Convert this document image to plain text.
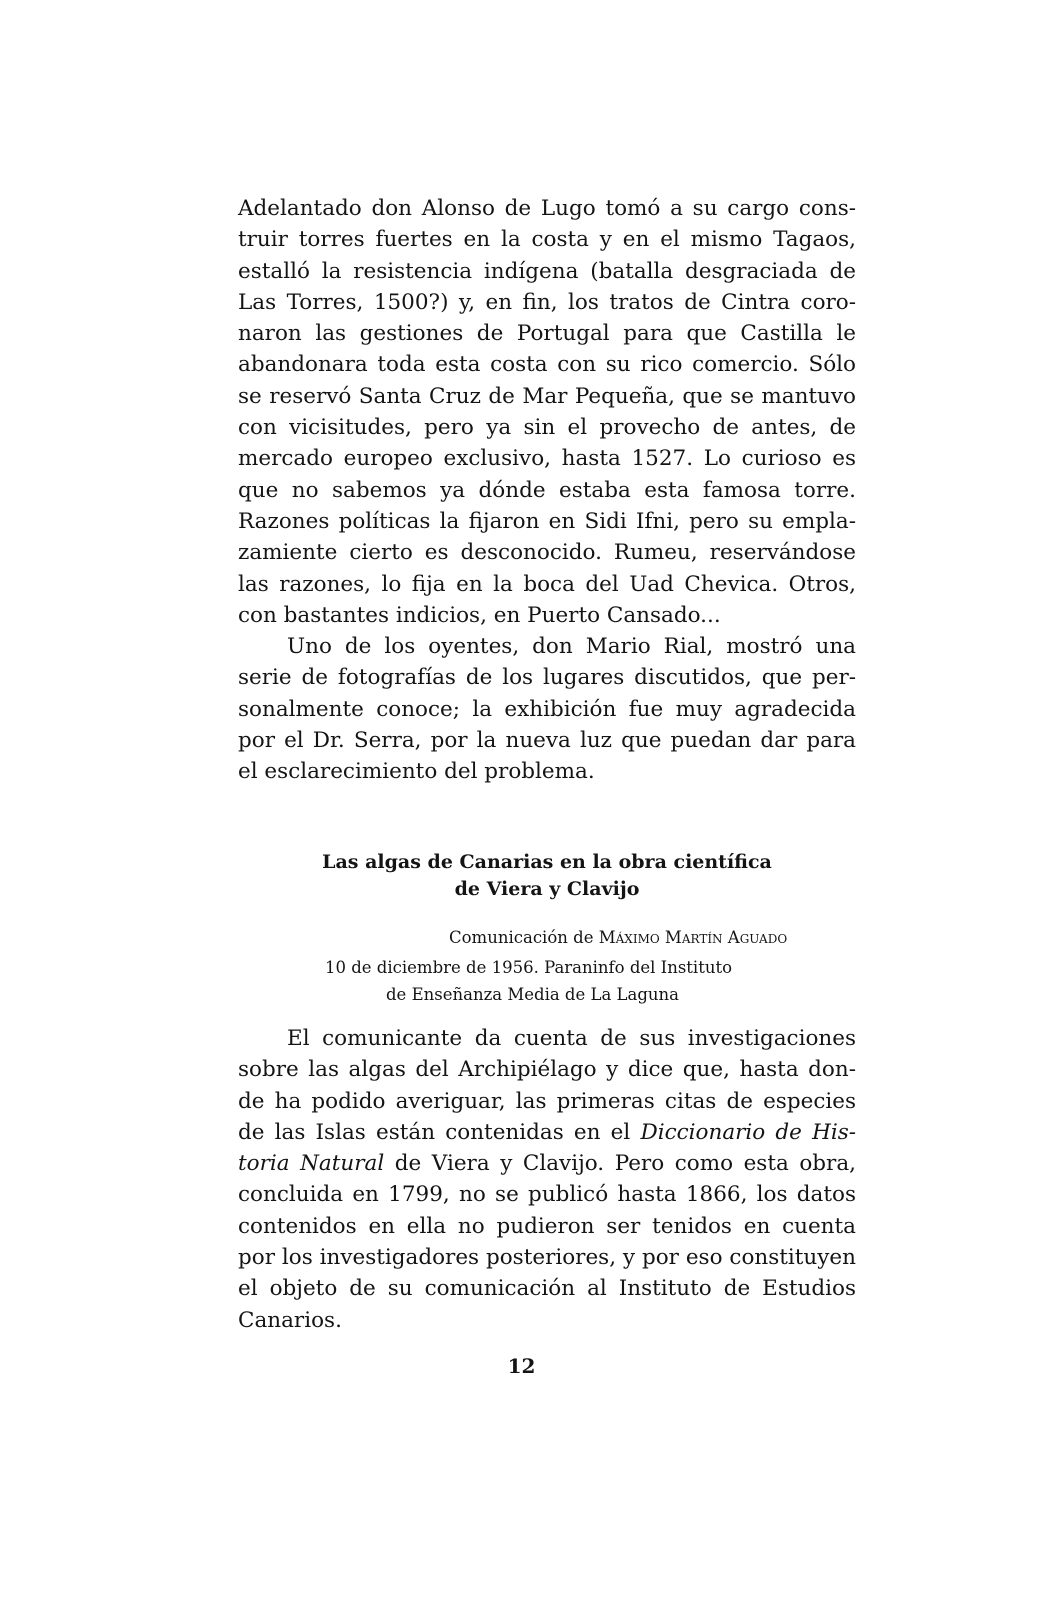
Adelantado don Alonso de Lugo tomó a su cargo cons-
truir torres fuertes en la costa y en el mismo Tagaos,
estalló la resistencia indígena (batalla desgraciada de
Las Torres, 1500?) y, en fin, los tratos de Cintra coro-
naron las gestiones de Portugal para que Castilla le
abandonara toda esta costa con su rico comercio. Sólo
se reservó Santa Cruz de Mar Pequeña, que se mantuvo
con vicisitudes, pero ya sin el provecho de antes, de
mercado europeo exclusivo, hasta 1527. Lo curioso es
que no sabemos ya dónde estaba esta famosa torre.
Razones políticas la fijaron en Sidi Ifni, pero su empla-
zamiente cierto es desconocido. Rumeu, reservándose
las razones, lo fija en la boca del Uad Chevica. Otros,
con bastantes indicios, en Puerto Cansado...
Uno de los oyentes, don Mario Rial, mostró una
serie de fotografías de los lugares discutidos, que per-
sonalmente conoce; la exhibición fue muy agradecida
por el Dr. Serra, por la nueva luz que puedan dar para
el esclarecimiento del problema.
Las algas de Canarias en la obra científica
de Viera y Clavijo
Comunicación de Máximo Martín Aguado
10 de diciembre de 1956. Paraninfo del Instituto
de Enseñanza Media de La Laguna
El comunicante da cuenta de sus investigaciones
sobre las algas del Archipiélago y dice que, hasta don-
de ha podido averiguar, las primeras citas de especies
de las Islas están contenidas en el Diccionario de His-
toria Natural de Viera y Clavijo. Pero como esta obra,
concluida en 1799, no se publicó hasta 1866, los datos
contenidos en ella no pudieron ser tenidos en cuenta
por los investigadores posteriores, y por eso constituyen
el objeto de su comunicación al Instituto de Estudios
Canarios.
12
